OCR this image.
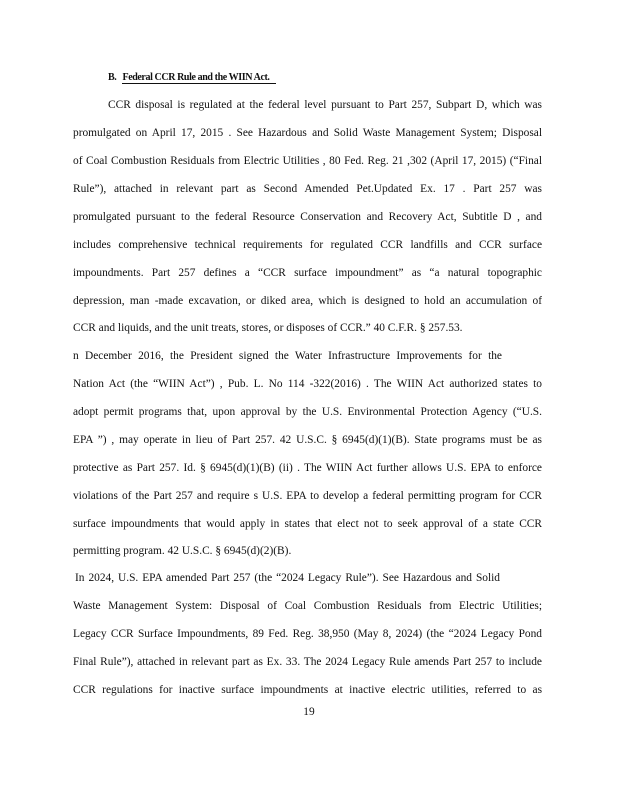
B. Federal CCR Rule and the WIIN Act.
CCR disposal is regulated at the federal level pursuant to Part 257, Subpart D, which was
promulgated on April 17, 2015 . See Hazardous and Solid Waste Management System; Disposal
of Coal Combustion Residuals from Electric Utilities , 80 Fed. Reg. 21 ,302 (April 17, 2015) (“Final
Rule”), attached in relevant part as Second Amended Pet.Updated Ex. 17 . Part 257 was
promulgated pursuant to the federal Resource Conservation and Recovery Act, Subtitle D , and
includes comprehensive technical requirements for regulated CCR landfills and CCR surface
impoundments. Part 257 defines a “CCR surface impoundment” as “a natural topographic
depression, man -made excavation, or diked area, which is designed to hold an accumulation of
CCR and liquids, and the unit treats, stores, or disposes of CCR.” 40 C.F.R. § 257.53.
n December 2016, the President signed the Water Infrastructure Improvements for the
Nation Act (the “WIIN Act”) , Pub. L. No 114 -322(2016) . The WIIN Act authorized states to
adopt permit programs that, upon approval by the U.S. Environmental Protection Agency (“U.S.
EPA ”) , may operate in lieu of Part 257. 42 U.S.C. § 6945(d)(1)(B). State programs must be as
protective as Part 257. Id. § 6945(d)(1)(B) (ii) . The WIIN Act further allows U.S. EPA to enforce
violations of the Part 257 and require s U.S. EPA to develop a federal permitting program for CCR
surface impoundments that would apply in states that elect not to seek approval of a state CCR
permitting program. 42 U.S.C. § 6945(d)(2)(B).
In 2024, U.S. EPA amended Part 257 (the “2024 Legacy Rule”). See Hazardous and Solid
Waste Management System: Disposal of Coal Combustion Residuals from Electric Utilities;
Legacy CCR Surface Impoundments, 89 Fed. Reg. 38,950 (May 8, 2024) (the “2024 Legacy Pond
Final Rule”), attached in relevant part as Ex. 33. The 2024 Legacy Rule amends Part 257 to include
CCR regulations for inactive surface impoundments at inactive electric utilities, referred to as
19
